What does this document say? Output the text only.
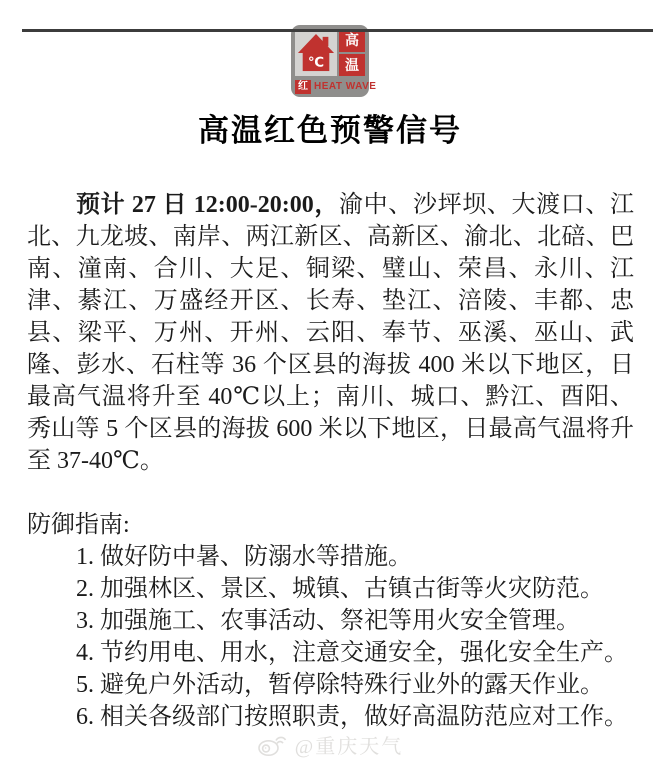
℃
高
温
红 HEAT WAVE
高温红色预警信号

预计 27 日 12:00-20:00，渝中、沙坪坝、大渡口、江北、九龙坡、南岸、两江新区、高新区、渝北、北碚、巴南、潼南、合川、大足、铜梁、璧山、荣昌、永川、江津、綦江、万盛经开区、长寿、垫江、涪陵、丰都、忠县、梁平、万州、开州、云阳、奉节、巫溪、巫山、武隆、彭水、石柱等 36 个区县的海拔 400 米以下地区，日最高气温将升至 40℃以上；南川、城口、黔江、酉阳、秀山等 5 个区县的海拔 600 米以下地区，日最高气温将升至 37-40℃。

防御指南:
1. 做好防中暑、防溺水等措施。
2. 加强林区、景区、城镇、古镇古街等火灾防范。
3. 加强施工、农事活动、祭祀等用火安全管理。
4. 节约用电、用水，注意交通安全，强化安全生产。
5. 避免户外活动，暂停除特殊行业外的露天作业。
6. 相关各级部门按照职责，做好高温防范应对工作。
@重庆天气
